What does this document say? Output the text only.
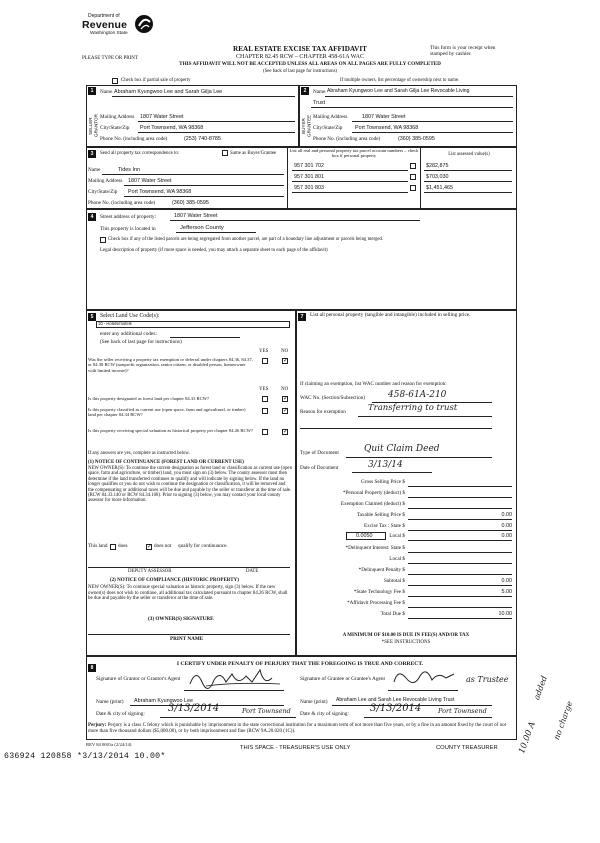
Department of
Revenue
Washington State
REAL ESTATE EXCISE TAX AFFIDAVIT
CHAPTER 82.45 RCW – CHAPTER 458-61A WAC
THIS AFFIDAVIT WILL NOT BE ACCEPTED UNLESS ALL AREAS ON ALL PAGES ARE FULLY COMPLETED
(See back of last page for instructions)
PLEASE TYPE OR PRINT
This form is your receipt when stamped by cashier.
Check box if partial sale of property	If multiple owners, list percentage of ownership next to name.
1	2
SELLER GRANTOR	BUYER GRANTEE
Name Abraham Kyungwoo Lee and Sarah Gilja Lee
Mailing Address 1807 Water Street
City/State/Zip Port Townsend, WA 98368
Phone No. (including area code)	(253) 740-8785
Name Abraham Kyungwoo Lee and Sarah Gilja Lee Revocable Living
Trust
Mailing Address	1807 Water Street
City/State/Zip Port Townsend, WA 98368
Phone No. (including area code)	(360) 385-0595
3	Send all property tax correspondence to:	Same as Buyer/Grantee
Name	Tides Inn
Mailing Address 1807 Water Street
City/State/Zip Port Townsend, WA 98368
Phone No. (including area code)	(360) 385-0595
List all real and personal property tax parcel account numbers – check box if personal property	List assessed value(s)
957 301 702	$282,875
957 301 801	$703,030
957 301 803	$1,451,465
4	Street address of property:	1807 Water Street
This property is located in	Jefferson County
Check box if any of the listed parcels are being segregated from another parcel, are part of a boundary line adjustment or parcels being merged.
Legal description of property (if more space is needed, you may attach a separate sheet to each page of the affidavit)
5	Select Land Use Code(s):
10 - Hotels/motels
enter any additional codes:
(See back of last page for instructions)
YES	NO
Was the seller receiving a property tax exemption or deferral under chapters 84.36, 84.37, or 84.38 RCW (nonprofit organization, senior citizen, or disabled person, homeowner with limited income)?
✓
YES	NO
Is this property designated as forest land per chapter 84.33 RCW?	✓
Is this property classified as current use (open space, farm and agricultural, or timber) land per chapter 84.34 RCW?
✓
Is this property receiving special valuation as historical property per chapter 84.26 RCW?	✓
If any answers are yes, complete as instructed below.
(1) NOTICE OF CONTINUANCE (FOREST LAND OR CURRENT USE)
NEW OWNER(S): To continue the current designation as forest land or classification as current use (open space, farm and agriculture, or timber) land, you must sign on (3) below. The county assessor must then determine if the land transferred continues to qualify and will indicate by signing below. If the land no longer qualifies or you do not wish to continue the designation or classification, it will be removed and the compensating or additional taxes will be due and payable by the seller or transferor at the time of sale. (RCW 84.33.140 or RCW 84.34.108). Prior to signing (3) below, you may contact your local county assessor for more information.
This land does	✓ does not qualify for continuance.
DEPUTY ASSESSOR	DATE
(2) NOTICE OF COMPLIANCE (HISTORIC PROPERTY)
NEW OWNER(S): To continue special valuation as historic property, sign (3) below. If the new owner(s) does not wish to continue, all additional tax calculated pursuant to chapter 84.26 RCW, shall be due and payable by the seller or transferor at the time of sale.
(3) OWNER(S) SIGNATURE
PRINT NAME
7	List all personal property (tangible and intangible) included in selling price.
If claiming an exemption, list WAC number and reason for exemption:
WAC No. (Section/Subsection)	458-61A-210
Reason for exemption	Transferring to trust
Type of Document	Quit Claim Deed
Date of Document	3/13/14
Gross Selling Price $
*Personal Property (deduct) $
Exemption Claimed (deduct) $
Taxable Selling Price $	0.00
Excise Tax : State $	0.00
0.0050	Local $	0.00
*Delinquent Interest: State $
Local $
*Delinquent Penalty $
Subtotal $	0.00
*State Technology Fee $	5.00
*Affidavit Processing Fee $
Total Due $	10.00
A MINIMUM OF $10.00 IS DUE IN FEE(S) AND/OR TAX
*SEE INSTRUCTIONS
8
I CERTIFY UNDER PENALTY OF PERJURY THAT THE FOREGOING IS TRUE AND CORRECT.
Signature of Grantor or Grantor's Agent	Signature of Grantee or Grantee's Agent	as Trustee
Name (print) Abraham Kyungwoo Lee	Name (print) Abraham Lee and Sarah Lee Revocable Living Trust
Date & city of signing: 3/13/2014	Port Townsend Date & city of signing: 3/13/2014	Port Townsend
Perjury: Perjury is a class C felony which is punishable by imprisonment in the state correctional institution for a maximum term of not more than five years, or by a fine in an amount fixed by the court of not more than five thousand dollars ($5,000.00), or by both imprisonment and fine (RCW 9A.20.020 (1C)).
added
no charge
10.00 A
REV 84 0001a (2/24/14)
THIS SPACE - TREASURER'S USE ONLY	COUNTY TREASURER
636924 120858 *3/13/2014 10.00*
